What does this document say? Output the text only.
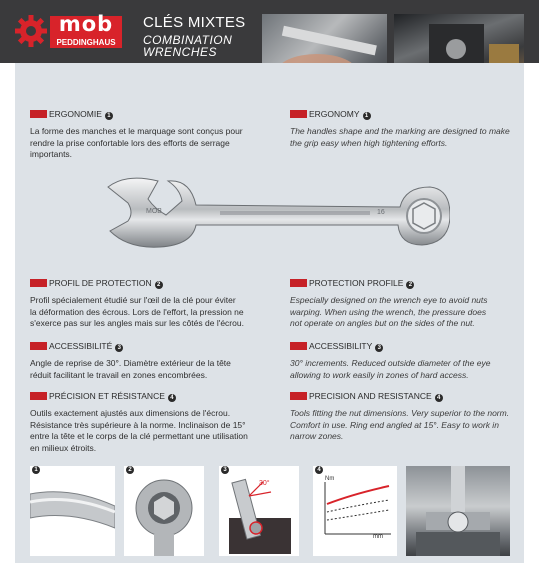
mob
PEDDINGHAUS
CLÉS MIXTES
COMBINATION
WRENCHES
ERGONOMIE 1
La forme des manches et le marquage sont conçus pour
rendre la prise confortable lors des efforts de serrage
importants.
ERGONOMY 1
The handles shape and the marking are designed to make
the grip easy when high tightening efforts.
MOB	16
PROFIL DE PROTECTION 2
Profil spécialement étudié sur l'œil de la clé pour éviter
la déformation des écrous. Lors de l'effort, la pression ne
s'exerce pas sur les angles mais sur les côtés de l'écrou.
PROTECTION PROFILE 2
Especially designed on the wrench eye to avoid nuts
warping. When using the wrench, the pressure does
not operate on angles but on the sides of the nut.
ACCESSIBILITÉ 3
Angle de reprise de 30°. Diamètre extérieur de la tête
réduit facilitant le travail en zones encombrées.
ACCESSIBILITY 3
30° increments. Reduced outside diameter of the eye
allowing to work easily in zones of hard access.
PRÉCISION ET RÉSISTANCE 4
Outils exactement ajustés aux dimensions de l'écrou.
Résistance très supérieure à la norme. Inclinaison de 15°
entre la tête et le corps de la clé permettant une utilisation
en milieux étroits.
PRECISION AND RESISTANCE 4
Tools fitting the nut dimensions. Very superior to the norm.
Comfort in use. Ring end angled at 15°. Easy to work in
narrow zones.
1	2	3
30°
4
Nm
mm
